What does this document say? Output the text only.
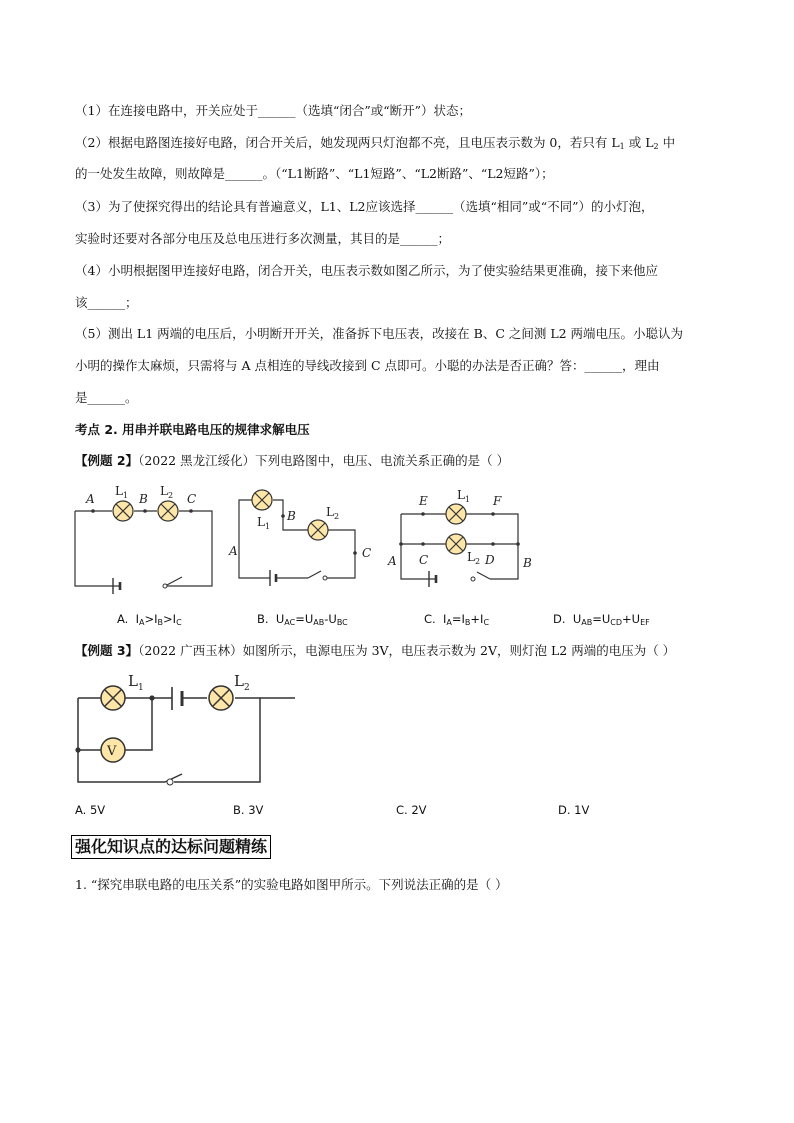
（1）在连接电路中，开关应处于______（选填“闭合”或“断开”）状态；
（2）根据电路图连接好电路，闭合开关后，她发现两只灯泡都不亮，且电压表示数为 0，若只有 $L_1$ 或 $L_2$ 中
的一处发生故障，则故障是______。（“L1断路”、“L1短路”、“L2断路”、“L2短路”）；
（3）为了使探究得出的结论具有普遍意义，L1、L2应该选择______（选填“相同”或“不同”）的小灯泡，
实验时还要对各部分电压及总电压进行多次测量，其目的是______；
（4）小明根据图甲连接好电路，闭合开关，电压表示数如图乙所示，为了使实验结果更准确，接下来他应
该______；
（5）测出 L1 两端的电压后，小明断开开关，准备拆下电压表，改接在 B、C 之间测 L2 两端电压。小聪认为
小明的操作太麻烦，只需将与 A 点相连的导线改接到 C 点即可。小聪的办法是否正确？答：______，理由
是______。
考点 2. 用串并联电路电压的规律求解电压
【例题 2】（2022 黑龙江绥化）下列电路图中，电压、电流关系正确的是（ ）
A	B	C
$L_1$	$L_2$
B
A	C
$L_1$
$L_2$
E	F
A C	D B
$L_1$
$L_2$
A.  $I_A>I_B>I_C$	B.  $U_{AC}=U_{AB}-U_{BC}$	C.  $I_A=I_B+I_C$	D.  $U_{AB}=U_{CD}+U_{EF}$
【例题 3】（2022 广西玉林）如图所示，电源电压为 3V，电压表示数为 2V，则灯泡 L2 两端的电压为（ ）
V
$L_1$	$L_2$
A. 5V	B. 3V	C. 2V	D. 1V
强化知识点的达标问题精练
1. “探究串联电路的电压关系”的实验电路如图甲所示。下列说法正确的是（ ）
